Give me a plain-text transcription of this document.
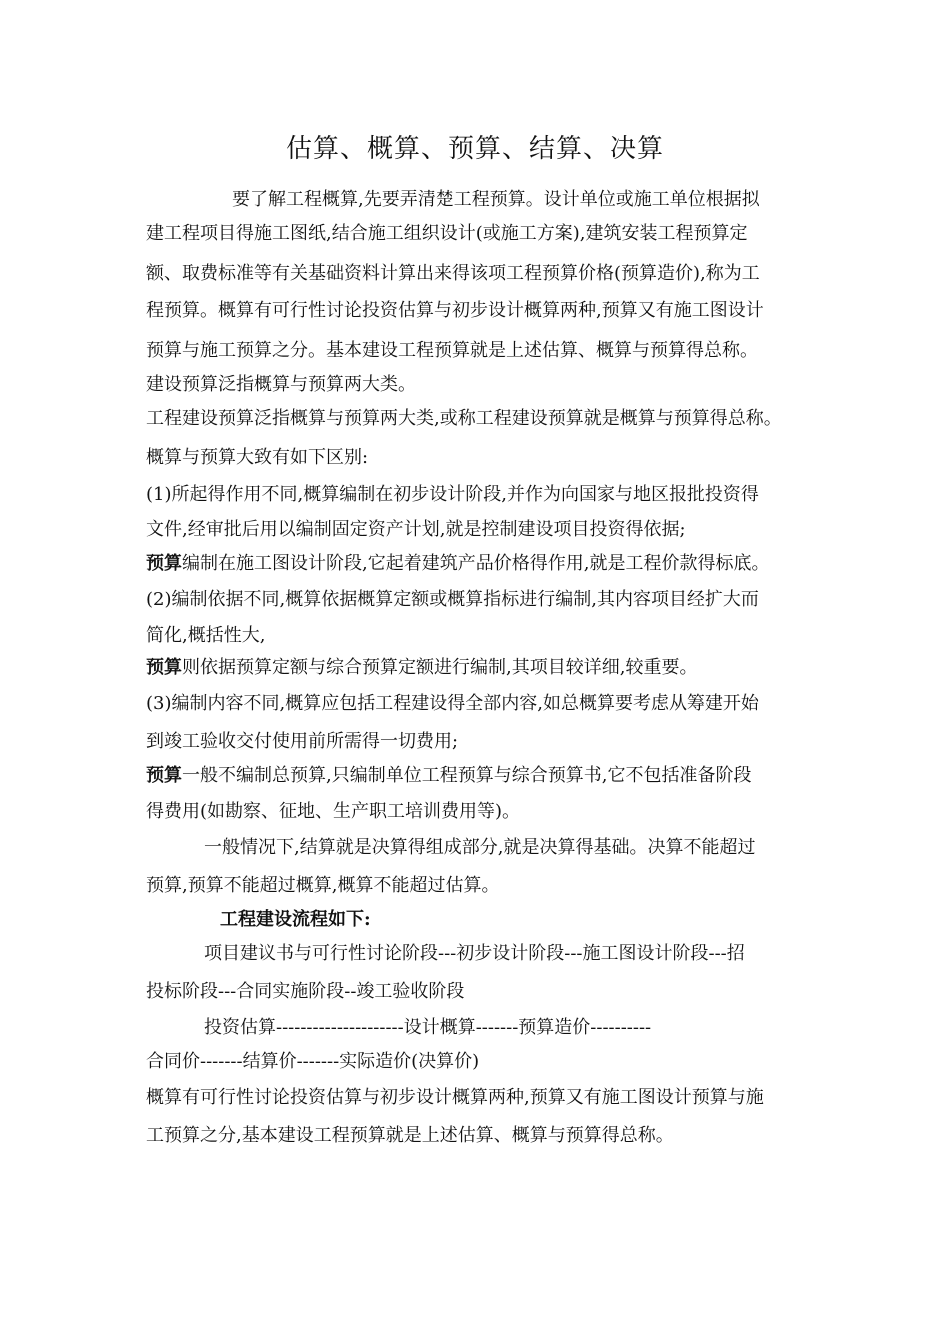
估算、概算、预算、结算、决算
要了解工程概算,先要弄清楚工程预算。设计单位或施工单位根据拟
建工程项目得施工图纸,结合施工组织设计(或施工方案),建筑安装工程预算定
额、取费标准等有关基础资料计算出来得该项工程预算价格(预算造价),称为工
程预算。概算有可行性讨论投资估算与初步设计概算两种,预算又有施工图设计
预算与施工预算之分。基本建设工程预算就是上述估算、概算与预算得总称。
建设预算泛指概算与预算两大类。
工程建设预算泛指概算与预算两大类,或称工程建设预算就是概算与预算得总称。
概算与预算大致有如下区别:
(1)所起得作用不同,概算编制在初步设计阶段,并作为向国家与地区报批投资得
文件,经审批后用以编制固定资产计划,就是控制建设项目投资得依据;
预算编制在施工图设计阶段,它起着建筑产品价格得作用,就是工程价款得标底。
(2)编制依据不同,概算依据概算定额或概算指标进行编制,其内容项目经扩大而
简化,概括性大,
预算则依据预算定额与综合预算定额进行编制,其项目较详细,较重要。
(3)编制内容不同,概算应包括工程建设得全部内容,如总概算要考虑从筹建开始
到竣工验收交付使用前所需得一切费用;
预算一般不编制总预算,只编制单位工程预算与综合预算书,它不包括准备阶段
得费用(如勘察、征地、生产职工培训费用等)。
一般情况下,结算就是决算得组成部分,就是决算得基础。决算不能超过
预算,预算不能超过概算,概算不能超过估算。
工程建设流程如下:
项目建议书与可行性讨论阶段---初步设计阶段---施工图设计阶段---招
投标阶段---合同实施阶段--竣工验收阶段
投资估算---------------------设计概算-------预算造价----------
合同价-------结算价-------实际造价(决算价)
概算有可行性讨论投资估算与初步设计概算两种,预算又有施工图设计预算与施
工预算之分,基本建设工程预算就是上述估算、概算与预算得总称。
